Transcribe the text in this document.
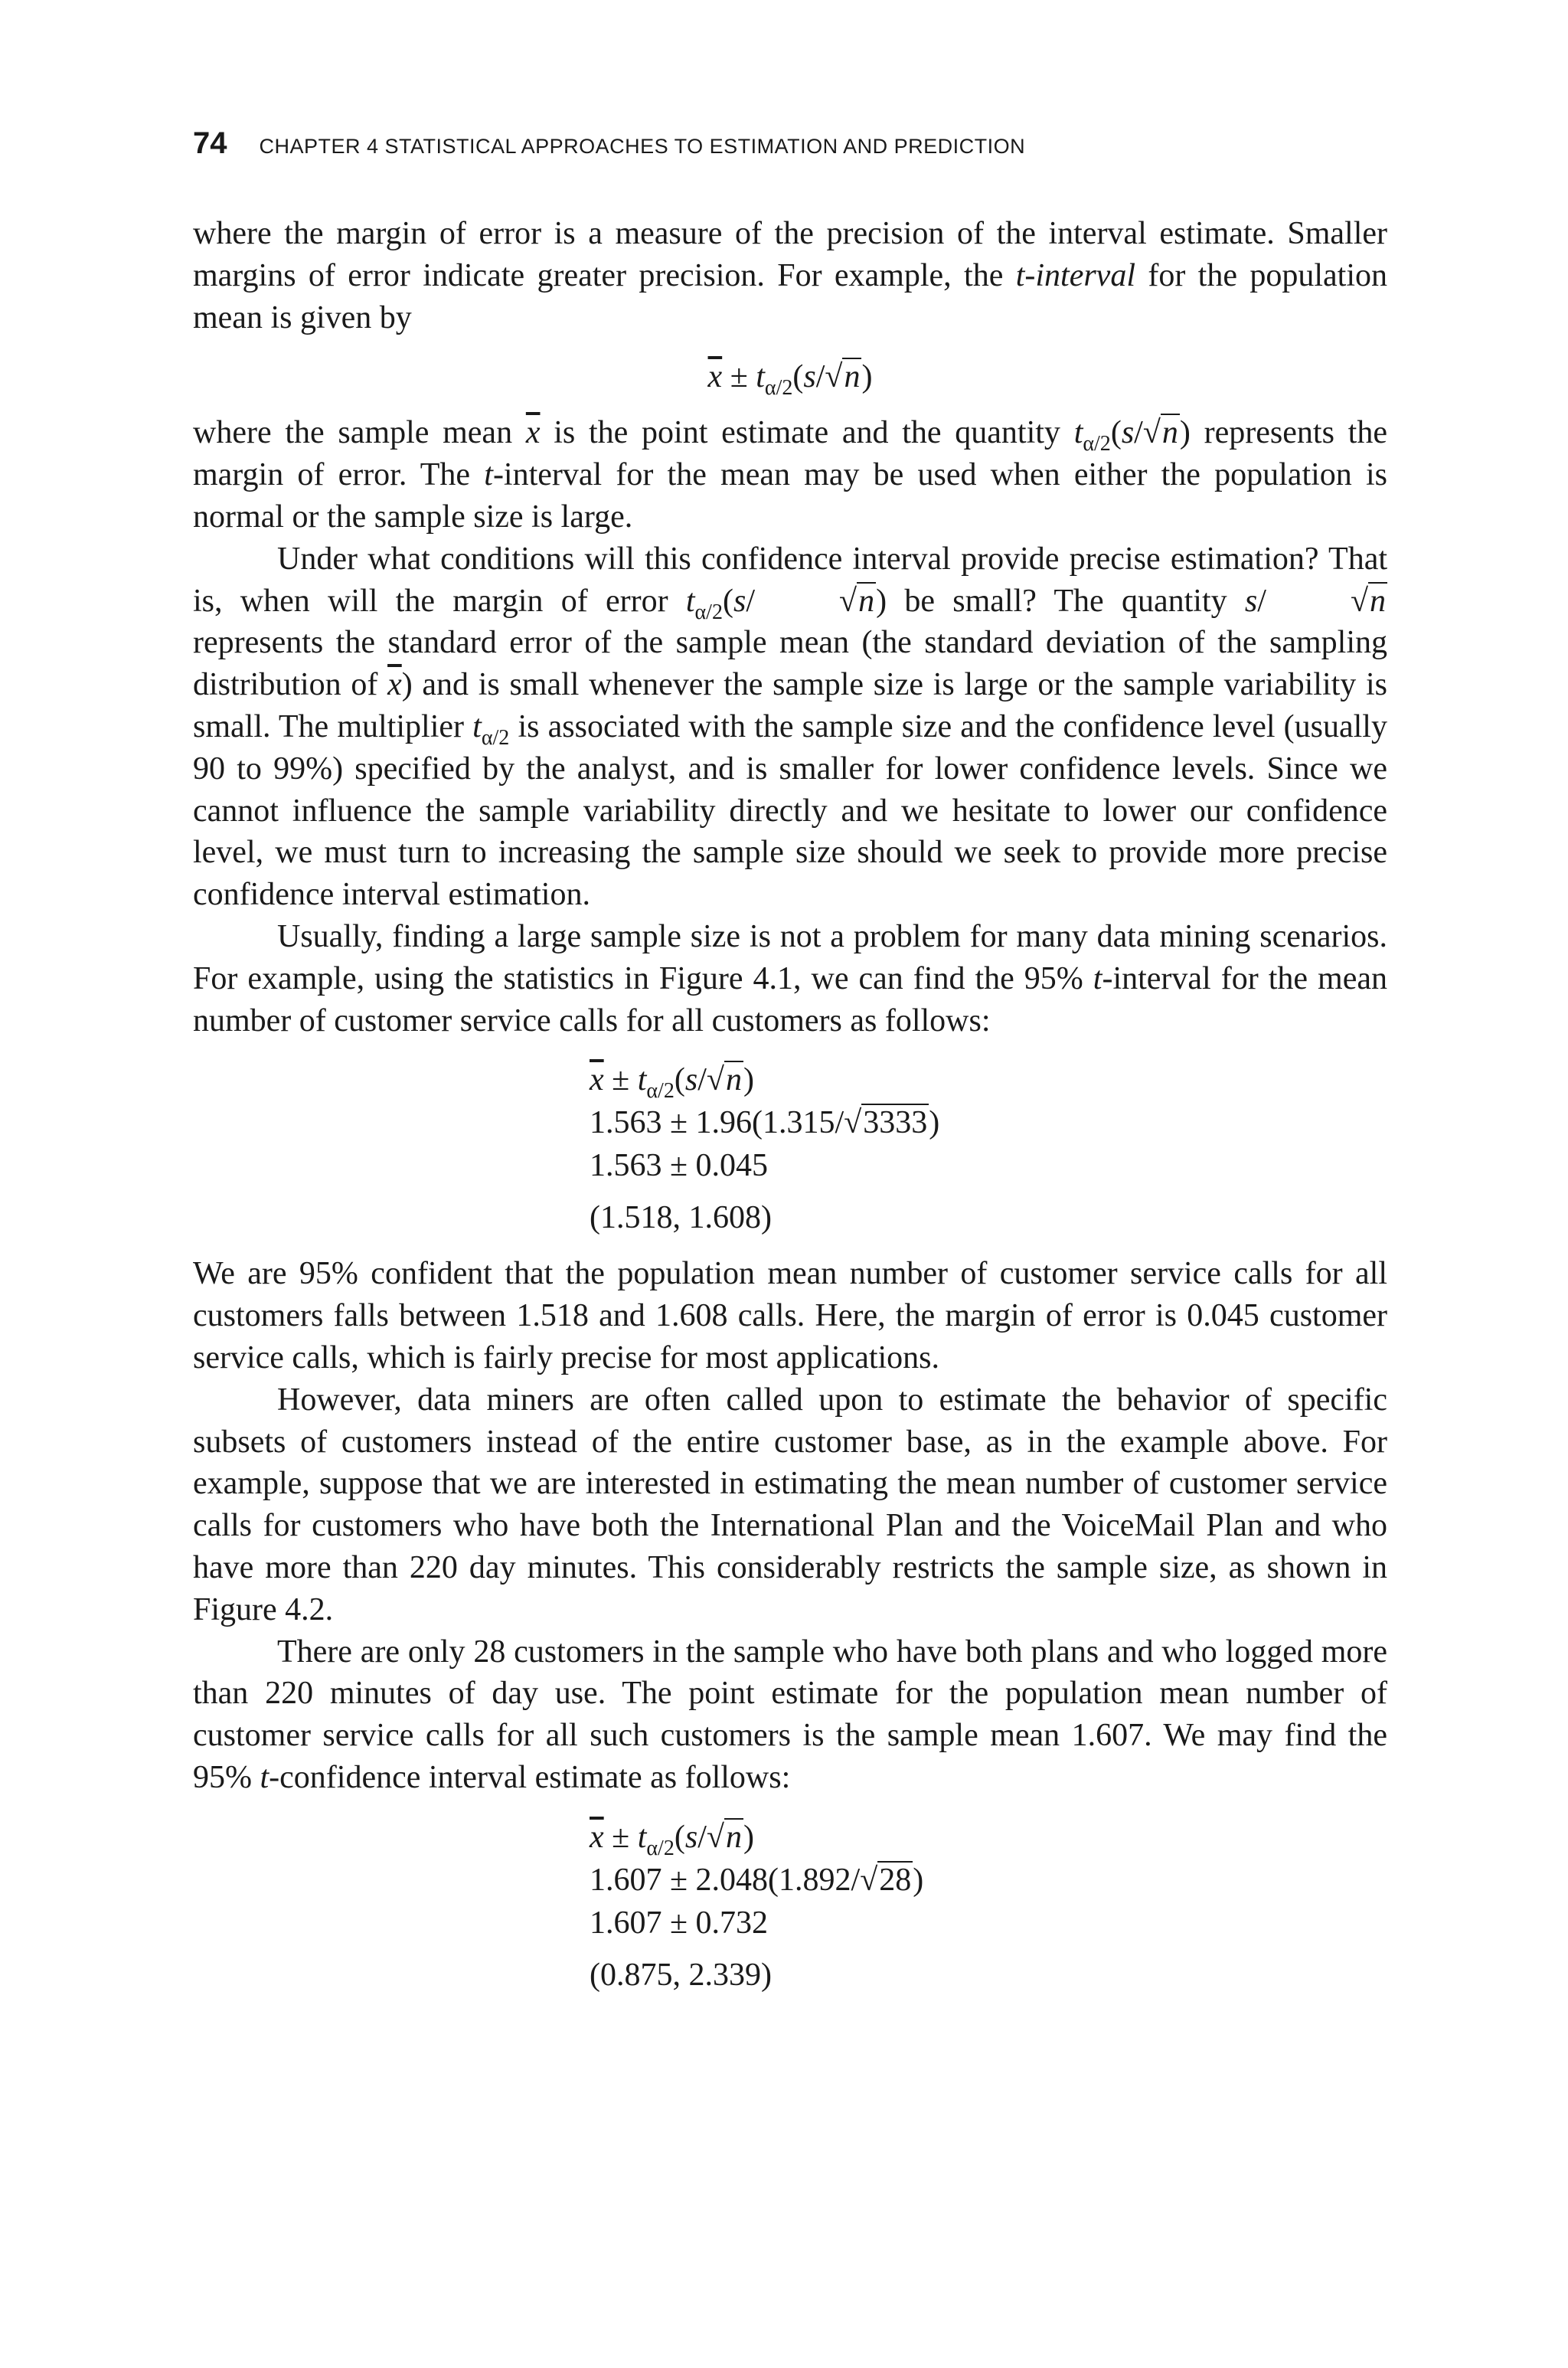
74 CHAPTER 4 STATISTICAL APPROACHES TO ESTIMATION AND PREDICTION

where the margin of error is a measure of the precision of the interval estimate. Smaller margins of error indicate greater precision. For example, the t-interval for the population mean is given by

$\overline{x} \pm t_{\alpha/2}(s/√n)$

where the sample mean $\overline{x}$ is the point estimate and the quantity $t_{\alpha/2}(s/√n)$ represents the margin of error. The t-interval for the mean may be used when either the population is normal or the sample size is large.

Under what conditions will this confidence interval provide precise estimation? That is, when will the margin of error $t_{\alpha/2}(s/$	√n) be small? The quantity s/	√n represents the standard error of the sample mean (the standard deviation of the sampling distribution of $\overline{x}$) and is small whenever the sample size is large or the sample variability is small. The multiplier $t_{\alpha/2}$ is associated with the sample size and the confidence level (usually 90 to 99%) specified by the analyst, and is smaller for lower confidence levels. Since we cannot influence the sample variability directly and we hesitate to lower our confidence level, we must turn to increasing the sample size should we seek to provide more precise confidence interval estimation.

Usually, finding a large sample size is not a problem for many data mining scenarios. For example, using the statistics in Figure 4.1, we can find the 95% t-interval for the mean number of customer service calls for all customers as follows:

$\overline{x} \pm t_{\alpha/2}(s/√n)$
1.563 ± 1.96(1.315/√3333)
1.563 ± 0.045
(1.518, 1.608)

We are 95% confident that the population mean number of customer service calls for all customers falls between 1.518 and 1.608 calls. Here, the margin of error is 0.045 customer service calls, which is fairly precise for most applications.

However, data miners are often called upon to estimate the behavior of specific subsets of customers instead of the entire customer base, as in the example above. For example, suppose that we are interested in estimating the mean number of customer service calls for customers who have both the International Plan and the VoiceMail Plan and who have more than 220 day minutes. This considerably restricts the sample size, as shown in Figure 4.2.

There are only 28 customers in the sample who have both plans and who logged more than 220 minutes of day use. The point estimate for the population mean number of customer service calls for all such customers is the sample mean 1.607. We may find the 95% t-confidence interval estimate as follows:

$\overline{x} \pm t_{\alpha/2}(s/√n)$
1.607 ± 2.048(1.892/√28)
1.607 ± 0.732
(0.875, 2.339)
